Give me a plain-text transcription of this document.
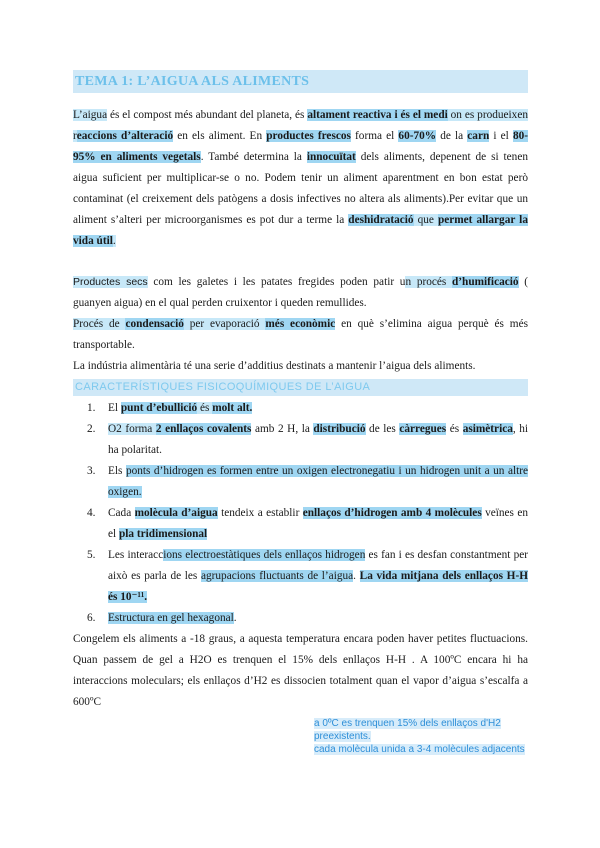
TEMA 1: L’AIGUA ALS ALIMENTS

L’aigua és el compost més abundant del planeta, és altament reactiva i és el medi on es produeixen reaccions d’alteració en els aliment. En productes frescos forma el 60-70% de la carn i el 80-95% en aliments vegetals. També determina la innocuïtat dels aliments, depenent de si tenen aigua suficient per multiplicar-se o no. Podem tenir un aliment aparentment en bon estat però contaminat (el creixement dels patògens a dosis infectives no altera als aliments).Per evitar que un aliment s’alteri per microorganismes es pot dur a terme la deshidratació que permet allargar la vida útil.

Productes secs com les galetes i les patates fregides poden patir un procés d’humificació ( guanyen aigua) en el qual perden cruixentor i queden remullides.

Procés de condensació per evaporació més econòmic en què s’elimina aigua perquè és més transportable.

La indústria alimentària té una serie d’additius destinats a mantenir l’aigua dels aliments.

CARACTERÍSTIQUES FISICOQUÍMIQUES DE L’AIGUA
1. El punt d’ebullició és molt alt.
2. O2 forma 2 enllaços covalents amb 2 H, la distribució de les càrregues és asimètrica, hi ha polaritat.
3. Els ponts d’hidrogen es formen entre un oxigen electronegatiu i un hidrogen unit a un altre oxigen.
4. Cada molècula d’aigua tendeix a establir enllaços d’hidrogen amb 4 molècules veïnes en el pla tridimensional
5. Les interaccions electroestàtiques dels enllaços hidrogen es fan i es desfan constantment per això es parla de les agrupacions fluctuants de l’aigua. La vida mitjana dels enllaços H-H és 10⁻¹¹.
6. Estructura en gel hexagonal.

Congelem els aliments a -18 graus, a aquesta temperatura encara poden haver petites fluctuacions. Quan passem de gel a H2O es trenquen el 15% dels enllaços H-H . A 100ºC encara hi ha interaccions moleculars; els enllaços d’H2 es dissocien totalment quan el vapor d’aigua s’escalfa a 600ºC

a 0ºC es trenquen 15% dels enllaços d'H2
preexistents.
cada molècula unida a 3-4 molècules adjacents
